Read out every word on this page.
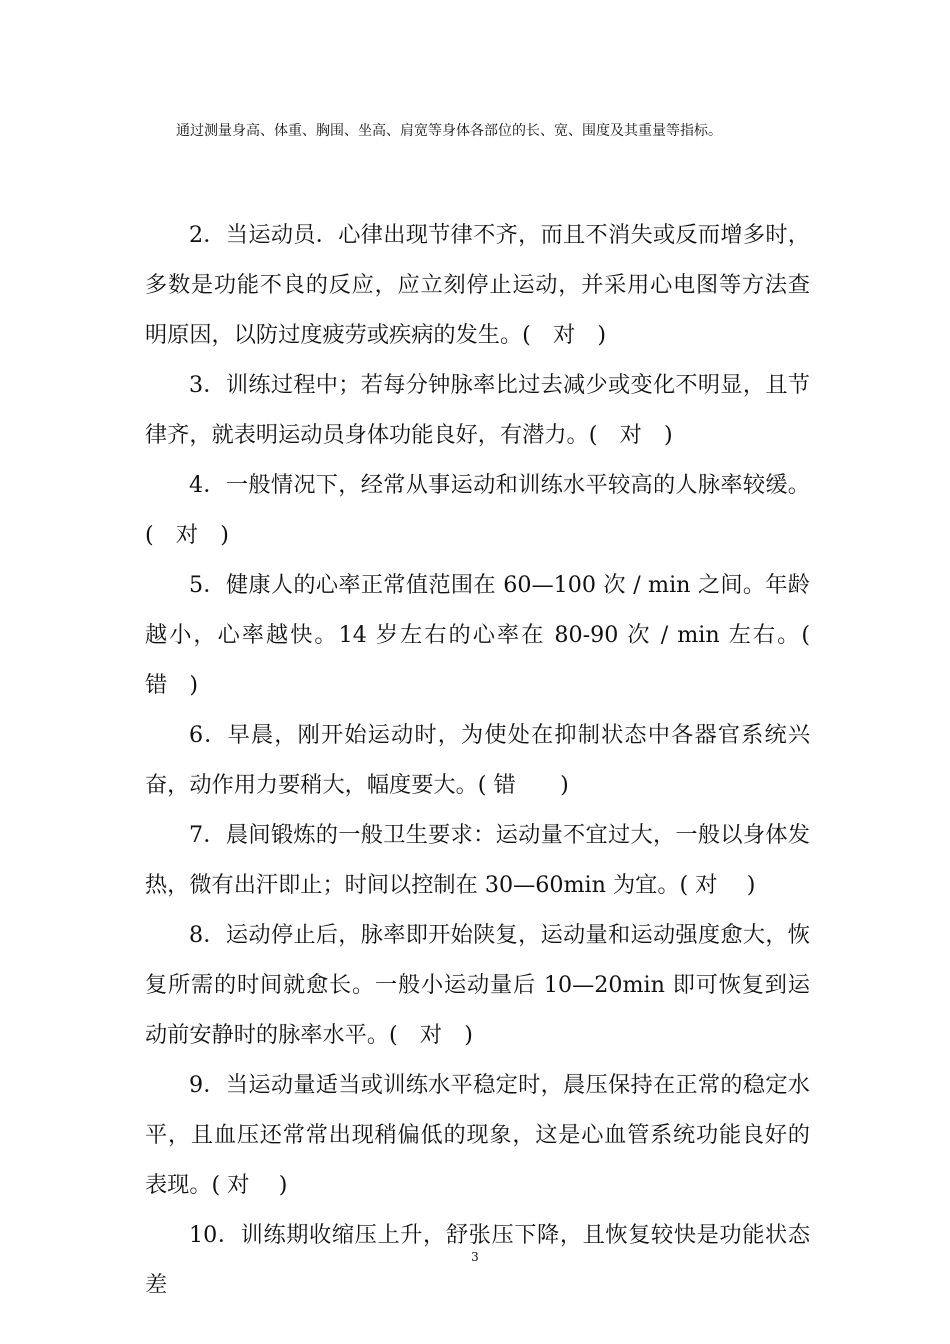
通过测量身高、体重、胸围、坐高、肩宽等身体各部位的长、宽、围度及其重量等指标。

2．当运动员．心律出现节律不齐，而且不消失或反而增多时，多数是功能不良的反应，应立刻停止运动，并采用心电图等方法查明原因，以防过度疲劳或疾病的发生。(　对　)

3．训练过程中；若每分钟脉率比过去减少或变化不明显，且节律齐，就表明运动员身体功能良好，有潜力。(　对　)

4．一般情况下，经常从事运动和训练水平较高的人脉率较缓。(　对　)

5．健康人的心率正常值范围在 60—100 次 / min 之间。年龄越小，心率越快。14 岁左右的心率在 80-90 次 / min 左右。(　错　)

6．早晨，刚开始运动时，为使处在抑制状态中各器官系统兴奋，动作用力要稍大，幅度要大。( 错　　)

7．晨间锻炼的一般卫生要求：运动量不宜过大，一般以身体发热，微有出汗即止；时间以控制在 30—60min 为宜。( 对　 )

8．运动停止后，脉率即开始陕复，运动量和运动强度愈大，恢复所需的时间就愈长。一般小运动量后 10—20min 即可恢复到运动前安静时的脉率水平。(　对　)

9．当运动量适当或训练水平稳定时，晨压保持在正常的稳定水平，且血压还常常出现稍偏低的现象，这是心血管系统功能良好的表现。( 对　 )

10．训练期收缩压上升，舒张压下降，且恢复较快是功能状态差

3
